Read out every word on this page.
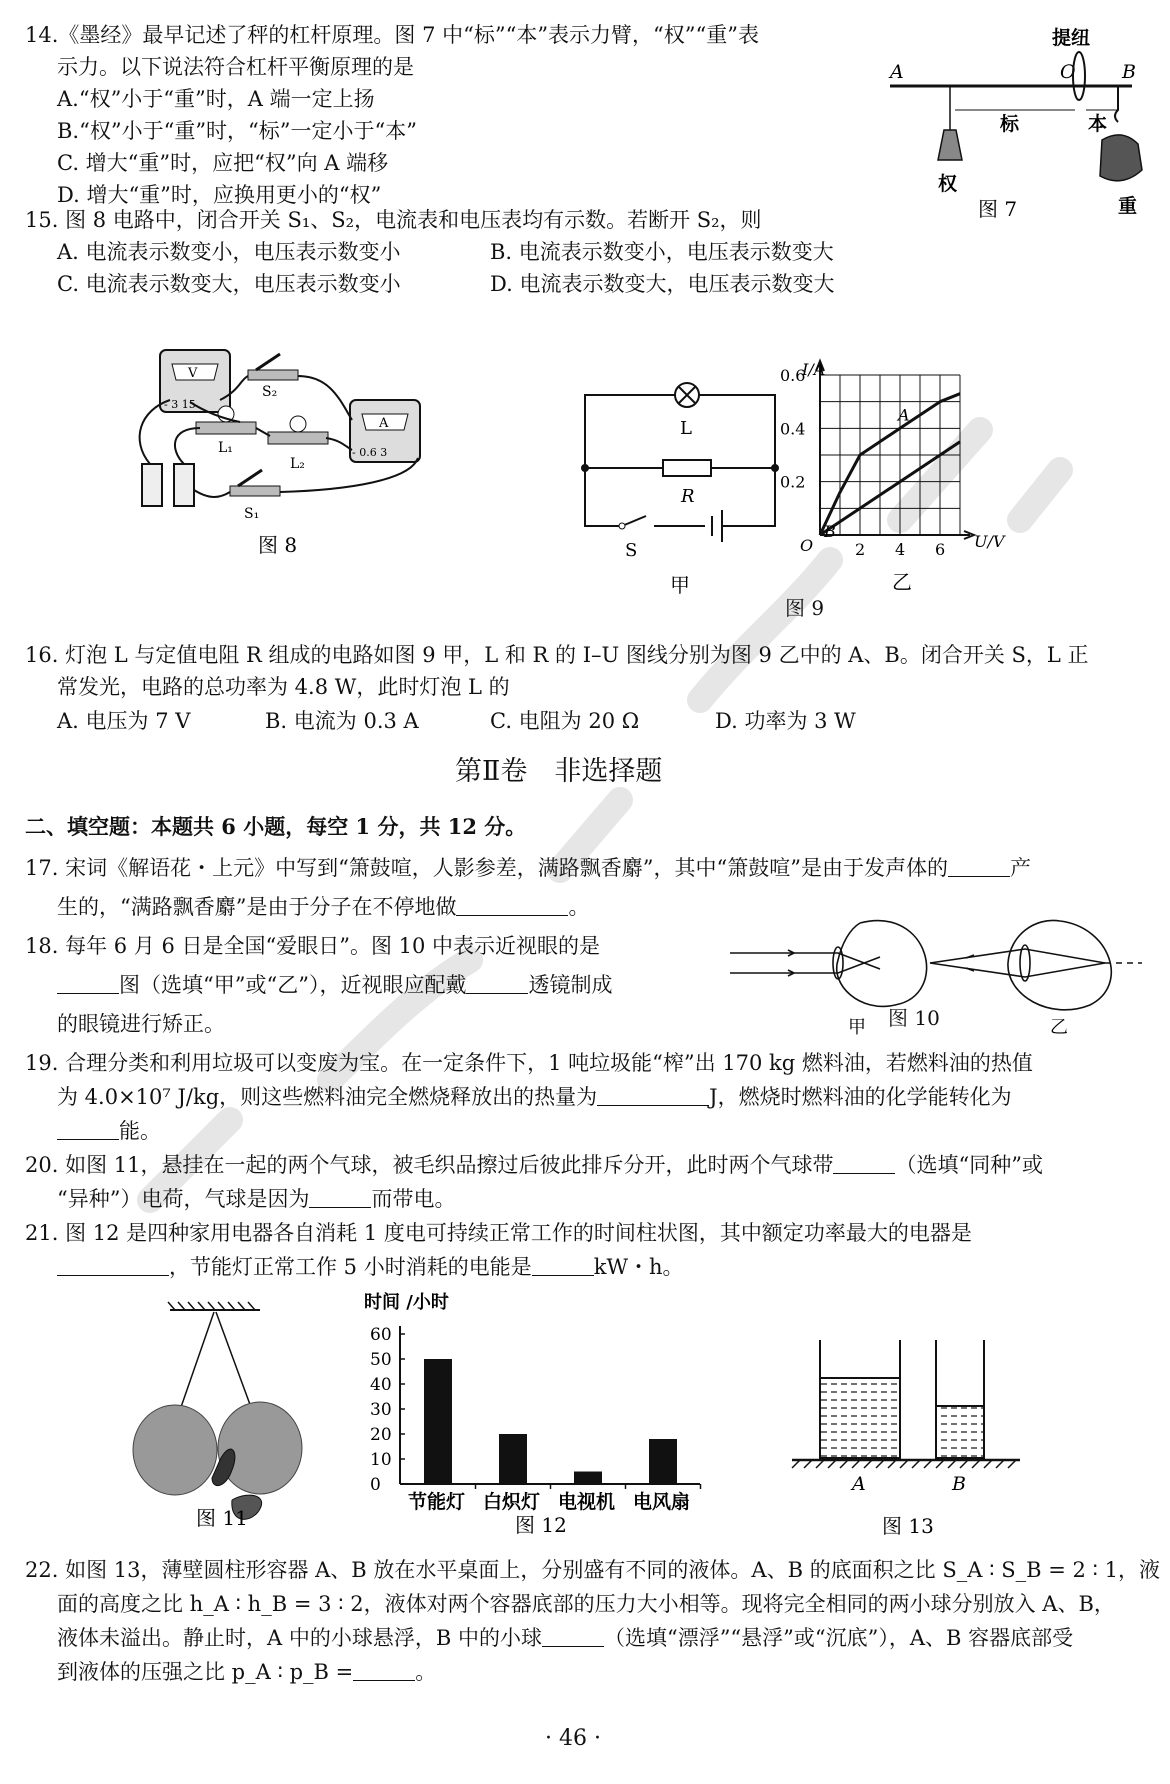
14.《墨经》最早记述了秤的杠杆原理。图 7 中“标”“本”表示力臂，“权”“重”表
示力。以下说法符合杠杆平衡原理的是
A.“权”小于“重”时，A 端一定上扬
B.“权”小于“重”时，“标”一定小于“本”
C. 增大“重”时，应把“权”向 A 端移
D. 增大“重”时，应换用更小的“权”
A	O B
提纽
权
标	本
重
图 7
15. 图 8 电路中，闭合开关 S₁、S₂，电流表和电压表均有示数。若断开 S₂，则
A. 电流表示数变小，电压表示数变小	B. 电流表示数变小，电压表示数变大
C. 电流表示数变大，电压表示数变小	D. 电流表示数变大，电压表示数变大
V
- 3 15
A
- 0.6 3
S₂
L₁
L₂
S₁
图 8
L
R
S
甲
I/A
U/V
O	2 4 6
0.2
0.4
0.6
A
B
乙
图 9
16. 灯泡 L 与定值电阻 R 组成的电路如图 9 甲，L 和 R 的 I–U 图线分别为图 9 乙中的 A、B。闭合开关 S，L 正
常发光，电路的总功率为 4.8 W，此时灯泡 L 的
A. 电压为 7 V	B. 电流为 0.3 A	C. 电阻为 20 Ω	D. 功率为 3 W
第Ⅱ卷　非选择题
二、填空题：本题共 6 小题，每空 1 分，共 12 分。
17. 宋词《解语花・上元》中写到“箫鼓喧，人影参差，满路飘香麝”，其中“箫鼓喧”是由于发声体的	产
生的，“满路飘香麝”是由于分子在不停地做	。
18. 每年 6 月 6 日是全国“爱眼日”。图 10 中表示近视眼的是
图（选填“甲”或“乙”），近视眼应配戴	透镜制成
的眼镜进行矫正。	甲	乙
图 10
19. 合理分类和利用垃圾可以变废为宝。在一定条件下，1 吨垃圾能“榨”出 170 kg 燃料油，若燃料油的热值
为 4.0×10⁷ J/kg，则这些燃料油完全燃烧释放出的热量为	J，燃烧时燃料油的化学能转化为
能。
20. 如图 11，悬挂在一起的两个气球，被毛织品擦过后彼此排斥分开，此时两个气球带	（选填“同种”或
“异种”）电荷，气球是因为	而带电。
21. 图 12 是四种家用电器各自消耗 1 度电可持续正常工作的时间柱状图，其中额定功率最大的电器是
，节能灯正常工作 5 小时消耗的电能是	kW・h。
图 11
时间 /小时
0
10
20
30
40
50
60
节能灯 白炽灯 电视机 电风扇
图 12
A	B
图 13
22. 如图 13，薄壁圆柱形容器 A、B 放在水平桌面上，分别盛有不同的液体。A、B 的底面积之比 S_A ∶ S_B = 2 ∶ 1，液
面的高度之比 h_A ∶ h_B = 3 ∶ 2，液体对两个容器底部的压力大小相等。现将完全相同的两小球分别放入 A、B，
液体未溢出。静止时，A 中的小球悬浮，B 中的小球	（选填“漂浮”“悬浮”或“沉底”），A、B 容器底部受
到液体的压强之比 p_A ∶ p_B =	。
· 46 ·
